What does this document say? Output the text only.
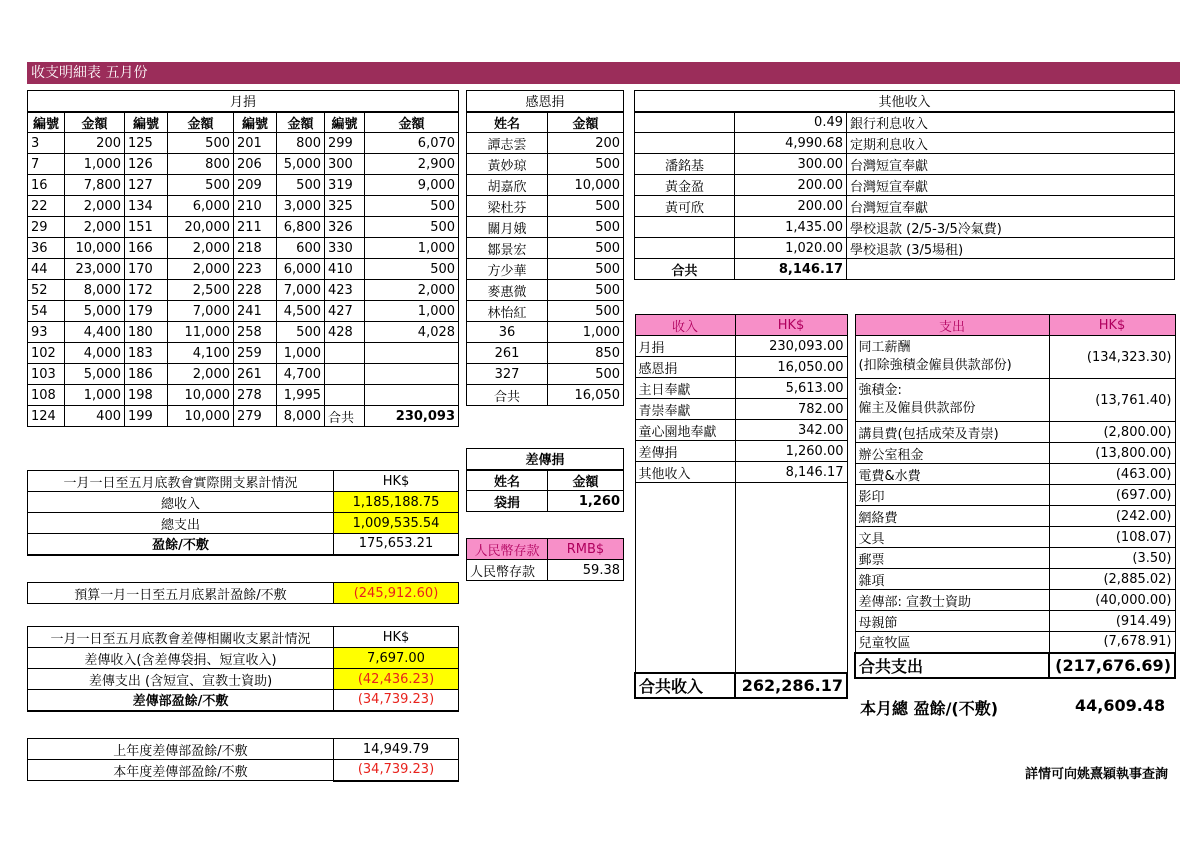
收支明細表 五月份
月捐							
編號	金額	編號	金額	編號	金額	編號	金額
3	200	125	500	201	800	299	6,070
7	1,000	126	800	206	5,000	300	2,900
16	7,800	127	500	209	500	319	9,000
22	2,000	134	6,000	210	3,000	325	500
29	2,000	151	20,000	211	6,800	326	500
36	10,000	166	2,000	218	600	330	1,000
44	23,000	170	2,000	223	6,000	410	500
52	8,000	172	2,500	228	7,000	423	2,000
54	5,000	179	7,000	241	4,500	427	1,000
93	4,400	180	11,000	258	500	428	4,028
102	4,000	183	4,100	259	1,000		
103	5,000	186	2,000	261	4,700		
108	1,000	198	10,000	278	1,995		
124	400	199	10,000	279	8,000	合共	230,093
感恩捐	
姓名	金額
譚志雲	200
黃妙琼	500
胡嘉欣	10,000
梁杜芬	500
關月娥	500
鄒景宏	500
方少華	500
麥惠微	500
林怡紅	500
36	1,000
261	850
327	500
合共	16,050
其他收入		
	0.49	銀行利息收入
	4,990.68	定期利息收入
潘銘基	300.00	台灣短宣奉獻
黃金盈	200.00	台灣短宣奉獻
黃可欣	200.00	台灣短宣奉獻
	1,435.00	學校退款 (2/5-3/5冷氣費)
	1,020.00	學校退款 (3/5場租)
合共	8,146.17	
差傳捐	
姓名	金額
袋捐	1,260
人民幣存款	RMB$
人民幣存款	59.38
收入	HK$
月捐	230,093.00
感恩捐	16,050.00
主日奉獻	5,613.00
青崇奉獻	782.00
童心園地奉獻	342.00
差傳捐	1,260.00
其他收入	8,146.17

合共收入	262,286.17
支出	HK$
同工薪酬
(扣除強積金僱員供款部份)	(134,323.30)
強積金:
僱主及僱員供款部份	(13,761.40)
講員費(包括成荣及青崇)	(2,800.00)
辦公室租金	(13,800.00)
電費&水費	(463.00)
影印	(697.00)
網絡費	(242.00)
文具	(108.07)
郵票	(3.50)
雜項	(2,885.02)
差傳部: 宣教士資助	(40,000.00)
母親節	(914.49)
兒童牧區	(7,678.91)
合共支出	(217,676.69)
本月總 盈餘/(不敷)	44,609.48
一月一日至五月底教會實際開支累計情況	HK$
總收入	1,185,188.75
總支出	1,009,535.54
盈餘/不敷	175,653.21
預算一月一日至五月底累計盈餘/不敷	(245,912.60)
一月一日至五月底教會差傳相關收支累計情況	HK$
差傳收入(含差傳袋捐、短宣收入)	7,697.00
差傳支出 (含短宣、宣教士資助)	(42,436.23)
差傳部盈餘/不敷	(34,739.23)
上年度差傳部盈餘/不敷	14,949.79
本年度差傳部盈餘/不敷	(34,739.23)	詳情可向姚熹穎執事查詢
